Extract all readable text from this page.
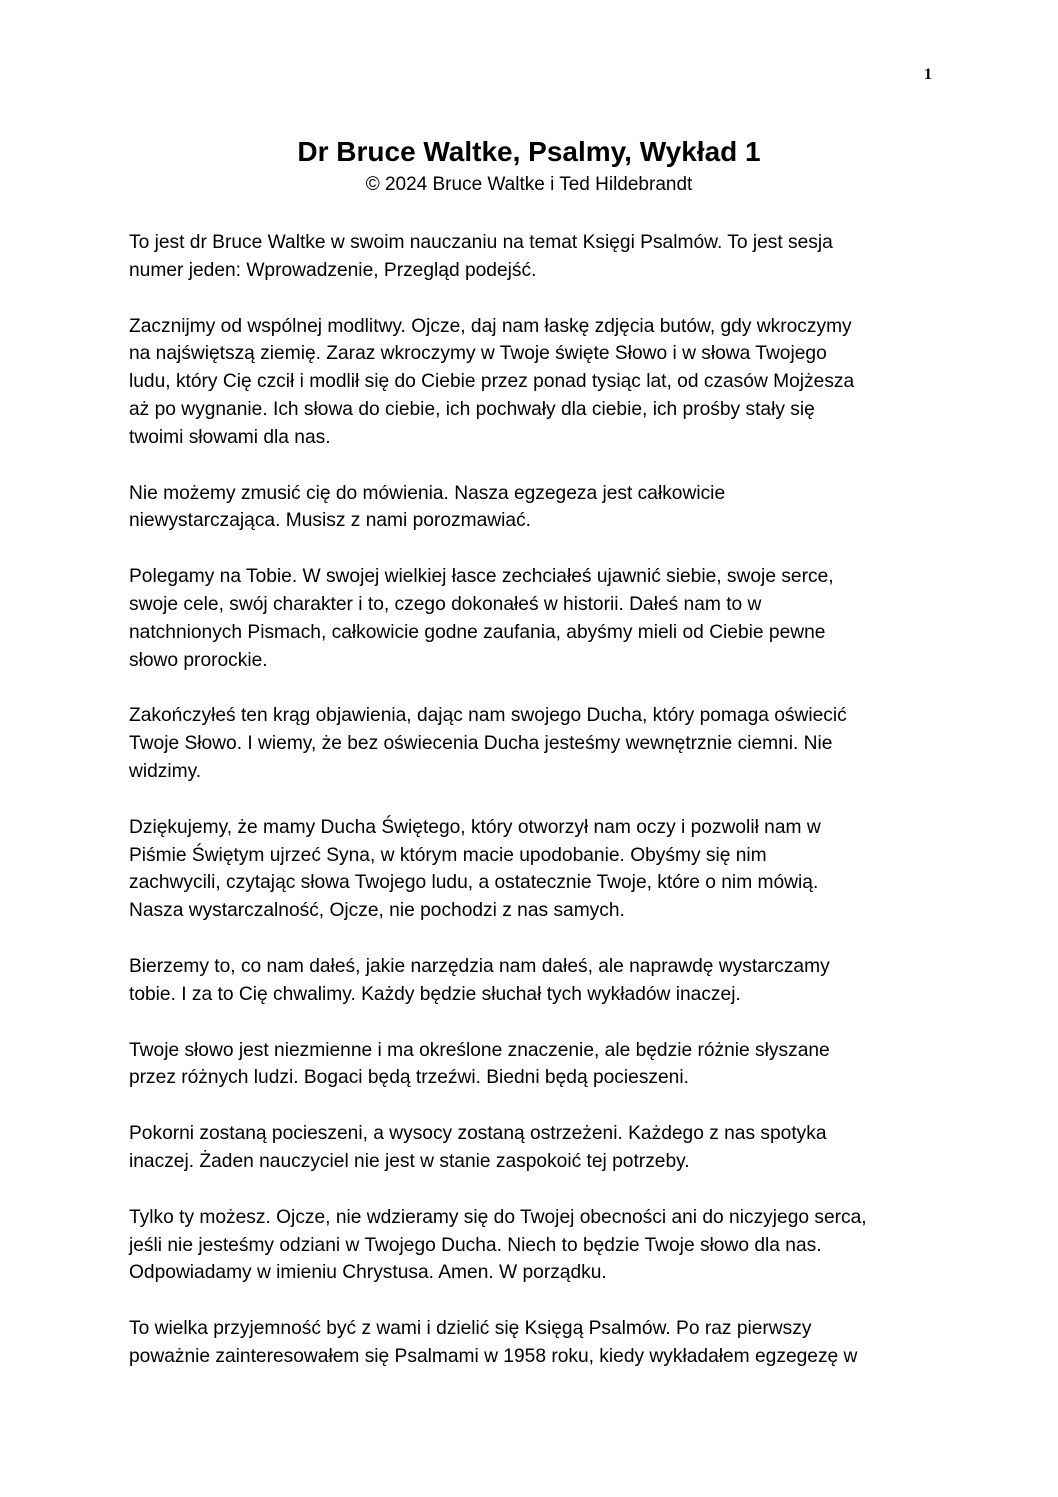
1
Dr Bruce Waltke, Psalmy, Wykład 1
© 2024 Bruce Waltke i Ted Hildebrandt
To jest dr Bruce Waltke w swoim nauczaniu na temat Księgi Psalmów. To jest sesja
numer jeden: Wprowadzenie, Przegląd podejść.
Zacznijmy od wspólnej modlitwy. Ojcze, daj nam łaskę zdjęcia butów, gdy wkroczymy
na najświętszą ziemię. Zaraz wkroczymy w Twoje święte Słowo i w słowa Twojego
ludu, który Cię czcił i modlił się do Ciebie przez ponad tysiąc lat, od czasów Mojżesza
aż po wygnanie. Ich słowa do ciebie, ich pochwały dla ciebie, ich prośby stały się
twoimi słowami dla nas.
Nie możemy zmusić cię do mówienia. Nasza egzegeza jest całkowicie
niewystarczająca. Musisz z nami porozmawiać.
Polegamy na Tobie. W swojej wielkiej łasce zechciałeś ujawnić siebie, swoje serce,
swoje cele, swój charakter i to, czego dokonałeś w historii. Dałeś nam to w
natchnionych Pismach, całkowicie godne zaufania, abyśmy mieli od Ciebie pewne
słowo prorockie.
Zakończyłeś ten krąg objawienia, dając nam swojego Ducha, który pomaga oświecić
Twoje Słowo. I wiemy, że bez oświecenia Ducha jesteśmy wewnętrznie ciemni. Nie
widzimy.
Dziękujemy, że mamy Ducha Świętego, który otworzył nam oczy i pozwolił nam w
Piśmie Świętym ujrzeć Syna, w którym macie upodobanie. Obyśmy się nim
zachwycili, czytając słowa Twojego ludu, a ostatecznie Twoje, które o nim mówią.
Nasza wystarczalność, Ojcze, nie pochodzi z nas samych.
Bierzemy to, co nam dałeś, jakie narzędzia nam dałeś, ale naprawdę wystarczamy
tobie. I za to Cię chwalimy. Każdy będzie słuchał tych wykładów inaczej.
Twoje słowo jest niezmienne i ma określone znaczenie, ale będzie różnie słyszane
przez różnych ludzi. Bogaci będą trzeźwi. Biedni będą pocieszeni.
Pokorni zostaną pocieszeni, a wysocy zostaną ostrzeżeni. Każdego z nas spotyka
inaczej. Żaden nauczyciel nie jest w stanie zaspokoić tej potrzeby.
Tylko ty możesz. Ojcze, nie wdzieramy się do Twojej obecności ani do niczyjego serca,
jeśli nie jesteśmy odziani w Twojego Ducha. Niech to będzie Twoje słowo dla nas.
Odpowiadamy w imieniu Chrystusa. Amen. W porządku.
To wielka przyjemność być z wami i dzielić się Księgą Psalmów. Po raz pierwszy
poważnie zainteresowałem się Psalmami w 1958 roku, kiedy wykładałem egzegezę w
